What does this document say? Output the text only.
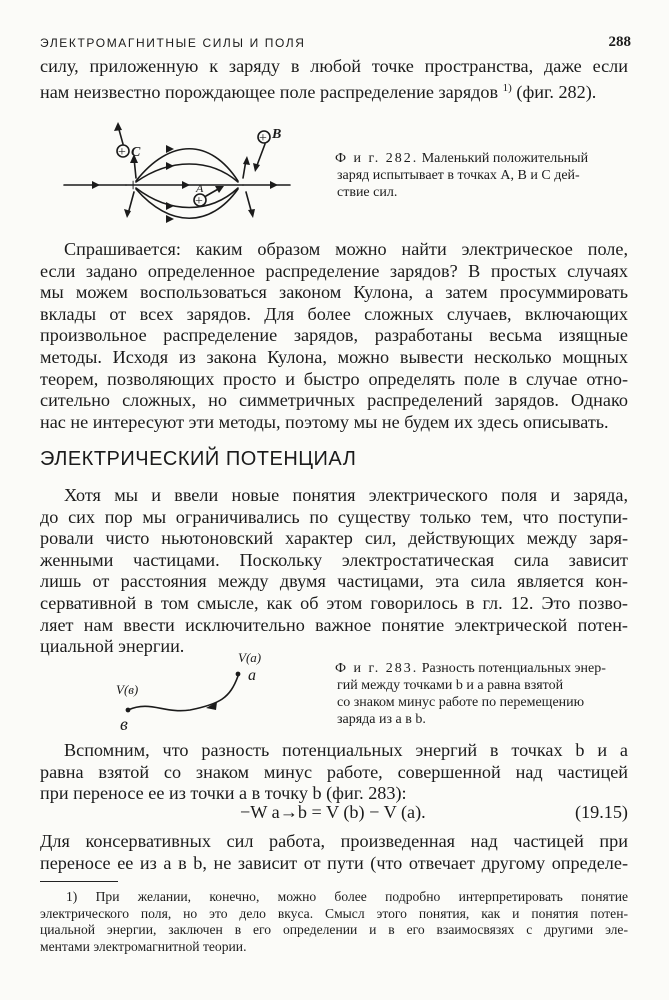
ЭЛЕКТРОМАГНИТНЫЕ СИЛЫ И ПОЛЯ	288
силу, приложенную к заряду в любой точке пространства, даже если
нам неизвестно порождающее поле распределение зарядов $^{1)}$ (фиг. 282).
+
+
+
C
B
A
+	−
Ф и г. 282. Маленький положительный
заряд испытывает в точках A, B и C дей-
ствие сил.
Спрашивается: каким образом можно найти электрическое поле,
если задано определенное распределение зарядов? В простых случаях
мы можем воспользоваться законом Кулона, а затем просуммировать
вклады от всех зарядов. Для более сложных случаев, включающих
произвольное распределение зарядов, разработаны весьма изящные
методы. Исходя из закона Кулона, можно вывести несколько мощных
теорем, позволяющих просто и быстро определять поле в случае отно-
сительно сложных, но симметричных распределений зарядов. Однако
нас не интересуют эти методы, поэтому мы не будем их здесь описывать.
ЭЛЕКТРИЧЕСКИЙ ПОТЕНЦИАЛ
Хотя мы и ввели новые понятия электрического поля и заряда,
до сих пор мы ограничивались по существу только тем, что поступи-
ровали чисто ньютоновский характер сил, действующих между заря-
женными частицами. Поскольку электростатическая сила зависит
лишь от расстояния между двумя частицами, эта сила является кон-
сервативной в том смысле, как об этом говорилось в гл. 12. Это позво-
ляет нам ввести исключительно важное понятие электрической потен-
циальной энергии.
V(a)
a
V(в)
в
Ф и г. 283. Разность потенциальных энер-
гий между точками b и a равна взятой
со знаком минус работе по перемещению
заряда из a в b.
Вспомним, что разность потенциальных энергий в точках b и a
равна взятой со знаком минус работе, совершенной над частицей
при переносе ее из точки a в точку b (фиг. 283):
−W a→b = V (b) − V (a).	(19.15)
Для консервативных сил работа, произведенная над частицей при
переносе ее из a в b, не зависит от пути (что отвечает другому определе-
1) При желании, конечно, можно более подробно интерпретировать понятие
электрического поля, но это дело вкуса. Смысл этого понятия, как и понятия потен-
циальной энергии, заключен в его определении и в его взаимосвязях с другими эле-
ментами электромагнитной теории.
